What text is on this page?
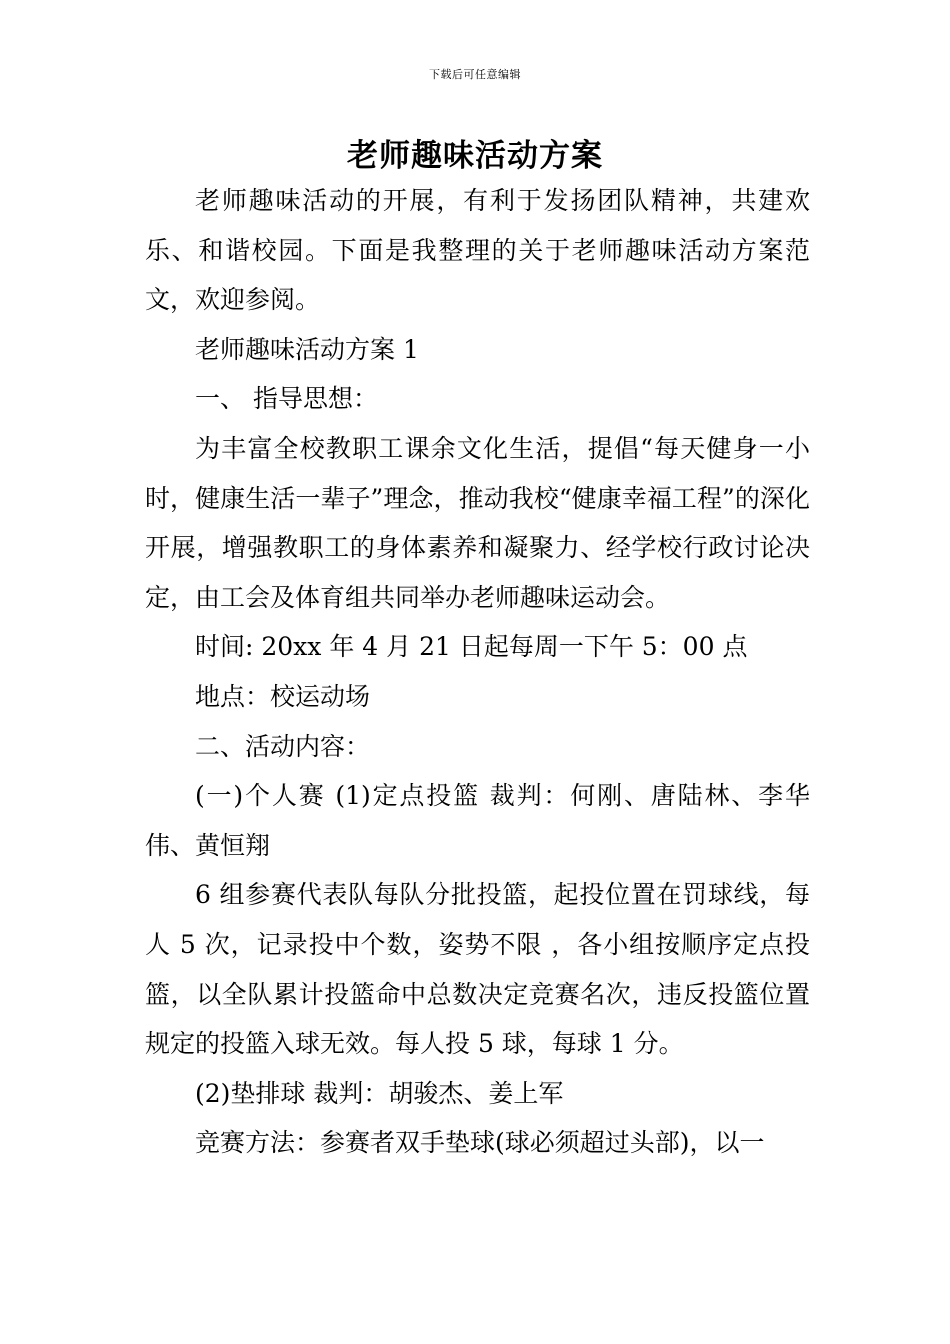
下载后可任意编辑
老师趣味活动方案

老师趣味活动的开展，有利于发扬团队精神，共建欢乐、和谐校园。下面是我整理的关于老师趣味活动方案范文，欢迎参阅。

老师趣味活动方案 1

一、 指导思想：

为丰富全校教职工课余文化生活，提倡“每天健身一小时，健康生活一辈子”理念，推动我校“健康幸福工程”的深化开展，增强教职工的身体素养和凝聚力、经学校行政讨论决定，由工会及体育组共同举办老师趣味运动会。

时间: 20xx 年 4 月 21 日起每周一下午 5：00 点

地点：校运动场

二、活动内容：

(一)个人赛 (1)定点投篮 裁判：何刚、唐陆林、李华伟、黄恒翔

6 组参赛代表队每队分批投篮，起投位置在罚球线，每人 5 次，记录投中个数，姿势不限 ，各小组按顺序定点投篮，以全队累计投篮命中总数决定竞赛名次，违反投篮位置规定的投篮入球无效。每人投 5 球，每球 1 分。

(2)垫排球 裁判：胡骏杰、姜上军

竞赛方法：参赛者双手垫球(球必须超过头部)，以一
